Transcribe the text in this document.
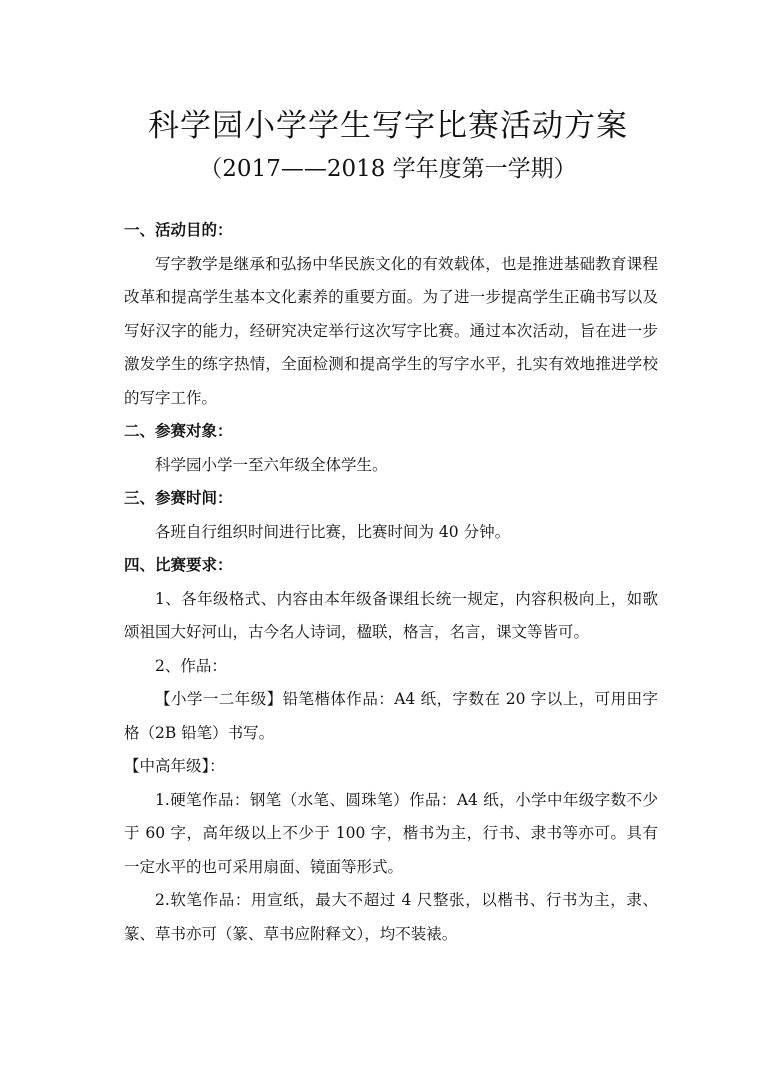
科学园小学学生写字比赛活动方案
（2017——2018 学年度第一学期）

一、活动目的：

写字教学是继承和弘扬中华民族文化的有效载体，也是推进基础教育课程改革和提高学生基本文化素养的重要方面。为了进一步提高学生正确书写以及写好汉字的能力，经研究决定举行这次写字比赛。通过本次活动，旨在进一步激发学生的练字热情，全面检测和提高学生的写字水平，扎实有效地推进学校的写字工作。

二、参赛对象：

科学园小学一至六年级全体学生。

三、参赛时间：

各班自行组织时间进行比赛，比赛时间为 40 分钟。

四、比赛要求：

1、各年级格式、内容由本年级备课组长统一规定，内容积极向上，如歌颂祖国大好河山，古今名人诗词，楹联，格言，名言，课文等皆可。

2、作品：

【小学一二年级】铅笔楷体作品：A4 纸，字数在 20 字以上，可用田字格（2B 铅笔）书写。

【中高年级】：

1.硬笔作品：钢笔（水笔、圆珠笔）作品：A4 纸，小学中年级字数不少于 60 字，高年级以上不少于 100 字，楷书为主，行书、隶书等亦可。具有一定水平的也可采用扇面、镜面等形式。

2.软笔作品：用宣纸，最大不超过 4 尺整张，以楷书、行书为主，隶、篆、草书亦可（篆、草书应附释文），均不装裱。
